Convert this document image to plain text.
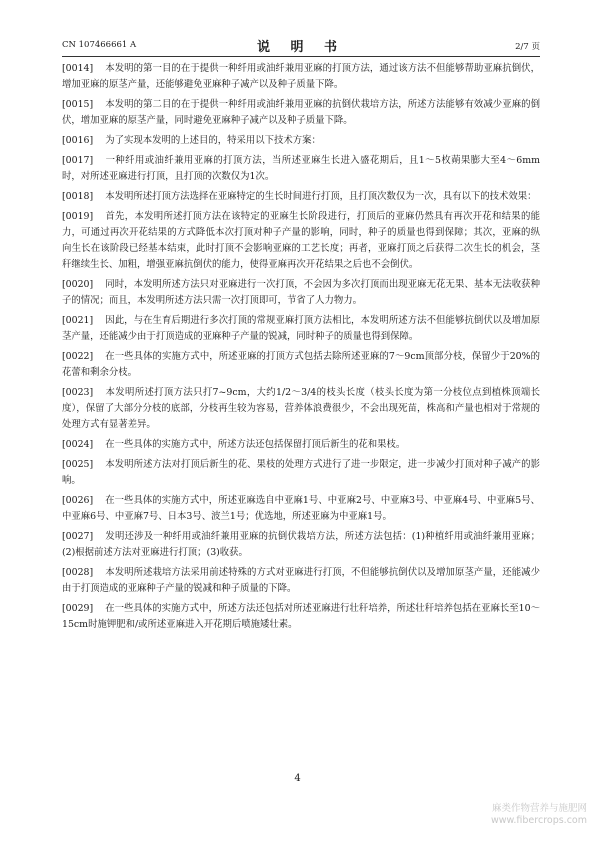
CN 107466661 A	说 明 书	2/7 页

[0014] 本发明的第一目的在于提供一种纤用或油纤兼用亚麻的打顶方法，通过该方法不但能够帮助亚麻抗倒伏，增加亚麻的原茎产量，还能够避免亚麻种子减产以及种子质量下降。

[0015] 本发明的第二目的在于提供一种纤用或油纤兼用亚麻的抗倒伏栽培方法，所述方法能够有效减少亚麻的倒伏，增加亚麻的原茎产量，同时避免亚麻种子减产以及种子质量下降。

[0016] 为了实现本发明的上述目的，特采用以下技术方案：

[0017] 一种纤用或油纤兼用亚麻的打顶方法，当所述亚麻生长进入盛花期后，且1～5枚蒴果膨大至4～6mm时，对所述亚麻进行打顶，且打顶的次数仅为1次。

[0018] 本发明所述打顶方法选择在亚麻特定的生长时间进行打顶，且打顶次数仅为一次，具有以下的技术效果：

[0019] 首先，本发明所述打顶方法在该特定的亚麻生长阶段进行，打顶后的亚麻仍然具有再次开花和结果的能力，可通过再次开花结果的方式降低本次打顶对种子产量的影响，同时，种子的质量也得到保障；其次，亚麻的纵向生长在该阶段已经基本结束，此时打顶不会影响亚麻的工艺长度；再者，亚麻打顶之后获得二次生长的机会，茎秆继续生长、加粗，增强亚麻抗倒伏的能力，使得亚麻再次开花结果之后也不会倒伏。

[0020] 同时，本发明所述方法只对亚麻进行一次打顶，不会因为多次打顶而出现亚麻无花无果、基本无法收获种子的情况；而且，本发明所述方法只需一次打顶即可，节省了人力物力。

[0021] 因此，与在生育后期进行多次打顶的常规亚麻打顶方法相比，本发明所述方法不但能够抗倒伏以及增加原茎产量，还能减少由于打顶造成的亚麻种子产量的锐减，同时种子的质量也得到保障。

[0022] 在一些具体的实施方式中，所述亚麻的打顶方式包括去除所述亚麻的7～9cm顶部分枝，保留少于20%的花蕾和剩余分枝。

[0023] 本发明所述打顶方法只打7~9cm，大约1/2～3/4的枝头长度（枝头长度为第一分枝位点到植株顶端长度），保留了大部分分枝的底部，分枝再生较为容易，营养体浪费很少，不会出现死苗，株高和产量也相对于常规的处理方式有显著差异。

[0024] 在一些具体的实施方式中，所述方法还包括保留打顶后新生的花和果枝。

[0025] 本发明所述方法对打顶后新生的花、果枝的处理方式进行了进一步限定，进一步减少打顶对种子减产的影响。

[0026] 在一些具体的实施方式中，所述亚麻选自中亚麻1号、中亚麻2号、中亚麻3号、中亚麻4号、中亚麻5号、中亚麻6号、中亚麻7号、日本3号、波兰1号；优选地，所述亚麻为中亚麻1号。

[0027] 发明还涉及一种纤用或油纤兼用亚麻的抗倒伏栽培方法，所述方法包括：(1)种植纤用或油纤兼用亚麻；(2)根据前述方法对亚麻进行打顶；(3)收获。

[0028] 本发明所述栽培方法采用前述特殊的方式对亚麻进行打顶，不但能够抗倒伏以及增加原茎产量，还能减少由于打顶造成的亚麻种子产量的锐减和种子质量的下降。

[0029] 在一些具体的实施方式中，所述方法还包括对所述亚麻进行壮秆培养，所述壮秆培养包括在亚麻长至10～15cm时施钾肥和/或所述亚麻进入开花期后喷施矮壮素。

4
麻类作物营养与施肥网
www.fibercrops.com
